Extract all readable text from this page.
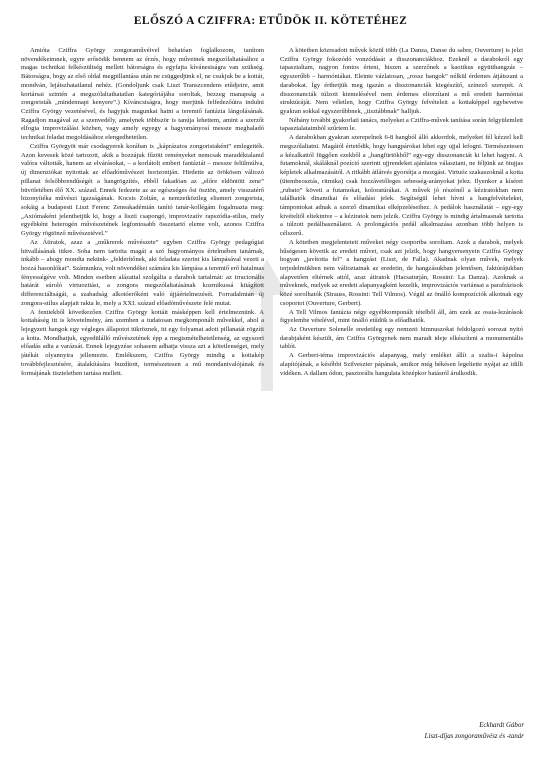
ELŐSZÓ A CZIFFRA: ETŰDÖK II. KÖTETÉHEZ

Amióta Cziffra György zongoraművéivel behatóan foglalkozom, tanítom növendékeimnek, egyre erősödik bennem az érzés, hogy műveinek megszólaltatásához a magas technikai felkészültség mellett bátorságra és egyfajta kívánesiságra van szükség. Bátorságra, hogy az első oldal megpillantása után ne csüggedjünk el, ne csukjuk be a kottát, mondván, lejátszhatatlanul nehéz. (Gondoljunk csak Liszt Transzcendens etűdjeire, amit kortársai szintén a megszólaltathatatlan kategóriájába soroltak, bezzeg manapság a zongoristák „mindennapi kenyere”.) Kíváncsiságra, hogy merjünk felfedezőútra indulni Cziffra György vezetésével, és hagyjuk magunkat hatni a teremtő fantázia lángolásának. Ragadjon magával az a szenvedély, amelynek többször is tanúja lehettem, amint a szerzőt elfogta improvizálási közben, vagy amely egyegy a hagyományosí messze meghaladó technikai feladat megoldásához elengedhetetlen.

Cziffra Györgyöt már csodagyerek korában is „káprázatos zongoristaként” emlegették. Azon kevesek közé tartozott, akik a hozzájuk fűzött reményeket nemcsak maradéktalanul valóra váltották, hanem az elvárásokat, – a korlátolt emberi fantáziát – messze felülmúlva, új dimenziókat nyitottak az előadóművészet horizontján. Hirdette az örökösen változó pillanat felsőbbrendűségét a hangrögzítés, ebből fakadóan az „előre eldöntött zene” büvöletében élő XX. század. Ennek fedezete az az egészséges ősi ösztön, amely visszatérő bizonyítéka művészi igazságának. Kocsis Zoltán, a nemzetközileg elismert zongorista, sokáig a budapesti Liszt Ferenc Zeneakadémián tanító tanár-kollégám fogalmazta meg: „Axiómaként jelenthetjük ki, hogy a liszti csapongó, improvizatív rapszódia-stílus, mely egyébként heterogén művészetének legfontosabb összetartó eleme volt, azonos Cziffra György rögtönző művészetével.”

Az Átiratok, azaz a „műkrerek művészete” egyben Cziffra György pedagógiai hitvallásának tükre. Soha nem tartotta magát a szó hagyományos értelmében tanárnak, inkább – ahogy mondta nekünk- „felderítőnek, aki feladata szerint kis lámpásával vezeti a hozzá hasonlókat”. Számunkra, volt növendékei számára kis lámpása a teremtő erő hatalmas fényességéve volt. Minden esetben alázattal szolgálta a darabok tartalmát: az irracionális határát súroló virtuozitást, a zongora megszólaltatásának kozmikussá kitágított differenciáltságát, a szabadság alkotóerőként való újjáértelmezését. Forradalmian új zongora-stílus alapjait rakta le, mely a XXI. század előadóművészete felé mutat.

A fentiekből következően Cziffra György kottáit másképpen kell értelmeznünk. A kottaháség itt is követelmény, ám szemben a tudatosan megkomponált művekkel, ahol a lejegyzett hangok egy végleges állapotot tükröznek, itt egy folyamat adott pillanatát rögzíti a kotta. Mondhatjuk, egyedülálló művészetének épp a megismételhetetlenség, az egyszeri előadás adta a varázsát. Ennek lejegyzése sohasem adhatja vissza azt a kötetlenséget, mely játékát olyannyira jellemezte. Emlékszem, Cziffra György mindig a kottakép továbbfejlesztésére, átalakítására buzdított, természetesen a mű mondanivalójának és formájának tiszteletben tartása mellett.

A kötetben közreadott művek közül több (La Danza, Danse du sabre, Ouverture) is jelzi Cziffra György fokozódó vonzódását a disszonanciákhoz. Ezeknél a darabokról egy tapasztaltam, nagyon fontos érteni, hiszen a szerzőnek a kaotikus együtthangzás – egyszerűbb – harmóniákat. Eleinte vázlatosan, „rossz hangok” nélkül érdemes átjátszani a darabokat. Így érthetjük meg igazán a disszonanciák kiegészítő, színező szerepét. A disszonanciák túlzott kiemelésével nem érdemes eltorzítani a mű eredeti harmóniai struktúráját. Nem véletlen, hogy Cziffra György felvételeit a kottaképpel egybevetve gyakran sokkal egyszerűbbnek, „tisztábbnak” halljuk.

Néhány további gyakorlati tanács, melyeket a Cziffra-művek tanítása során felgyülemlett tapasztalataimból szűrtem le.

A darabokban gyakran szerepelnek 6-8 hangból álló akkordok, melyeket fél kézzel kell megszólaltatni. Magától értetődik, hogy hangpárokat lehet egy ujjal lefogni. Természetesen a kézalkattól függően ezekből a „hangfürtökből” egy-egy disszonanciát ki lehet hagyni. A futamoknál, skáláknál pozíció szerinti ujjrendeket ajánlatos választani, ne féljünk az ötujjas képletek alkalmazásától. A ritkább átlátvés gyorsítja a mozgást. Virtuóz szakaszoknál a kotta (ütembeosztás, ritmika) csak hozzávetőleges sebesség-arányokat jelez. Ilyenkor a kíséret „rubato” követi a futamokat, koloratúrákat. A művek jó részénél a kéziratokban nem találhatók dinamikai és előadási jelek. Segítségül lehet hívni a hangfelvételeket, támpontokat adnak a szerző dinamikai elképzeléseihez. A pedálok használatát – egy-egy kivételtől eltekintve – a kéziratok nem jelzik. Cziffra György is mindig ártalmasnak tartotta a túlzott pedálhasználatot. A prolongációs pedál alkalmazása azonban több helyen is célszerű.

A kötetben megjelentetett műveket négy csoportba soroltam. Azok a darabok, melyek hűségesen követik az eredeti művet, csak azt jelzik, hogy hangversenyein Cziffra György hogyan „javította fel” a hangzást (Liszt, de Falla). Akadnak olyan művek, melyek terjedelmükben nem változtatnak az eredetin, de hangzásukban jelentősen, faktúrájukban alapvetően eltérnek attól, azaz átiratok (Hacsaturján, Rossini: La Danza). Azoknak a műveknek, melyek az eredeti alapanyagként kezelik, improvizációs variánsai a parafrázisok közé sorolhatók (Strauss, Rossini: Tell Vilmos). Végül az önálló kompozíciók alkotnak egy csoportot (Ouverture, Gerbert).

A Tell Vilmos fantázia négy egyébkomponált tételből áll, ám ezek az ossia-lezárások figyelembe vételével, mint önálló etűdök is előadhatók.

Az Ouverture Solenelle eredetileg egy nemzeti himnuszokat feldolgozó sorozat nyitó darabjaként készült, ám Cziffra Györgynek nem maradt ideje elkészíteni a monumentális tablót.

A Gerbert-téma improvizációs alapanyag, mely emléket állít a szalis-i kápolna alapítójának, a későbbi Szilveszter pápának, amikor még békésen legeltette nyájat az idilli vidéken. A dallam ódon, pasztorális hangulata középkor hatásról árulkodik.

Eckhardt Gábor
Liszt-díjas zongoraművész és -tanár
